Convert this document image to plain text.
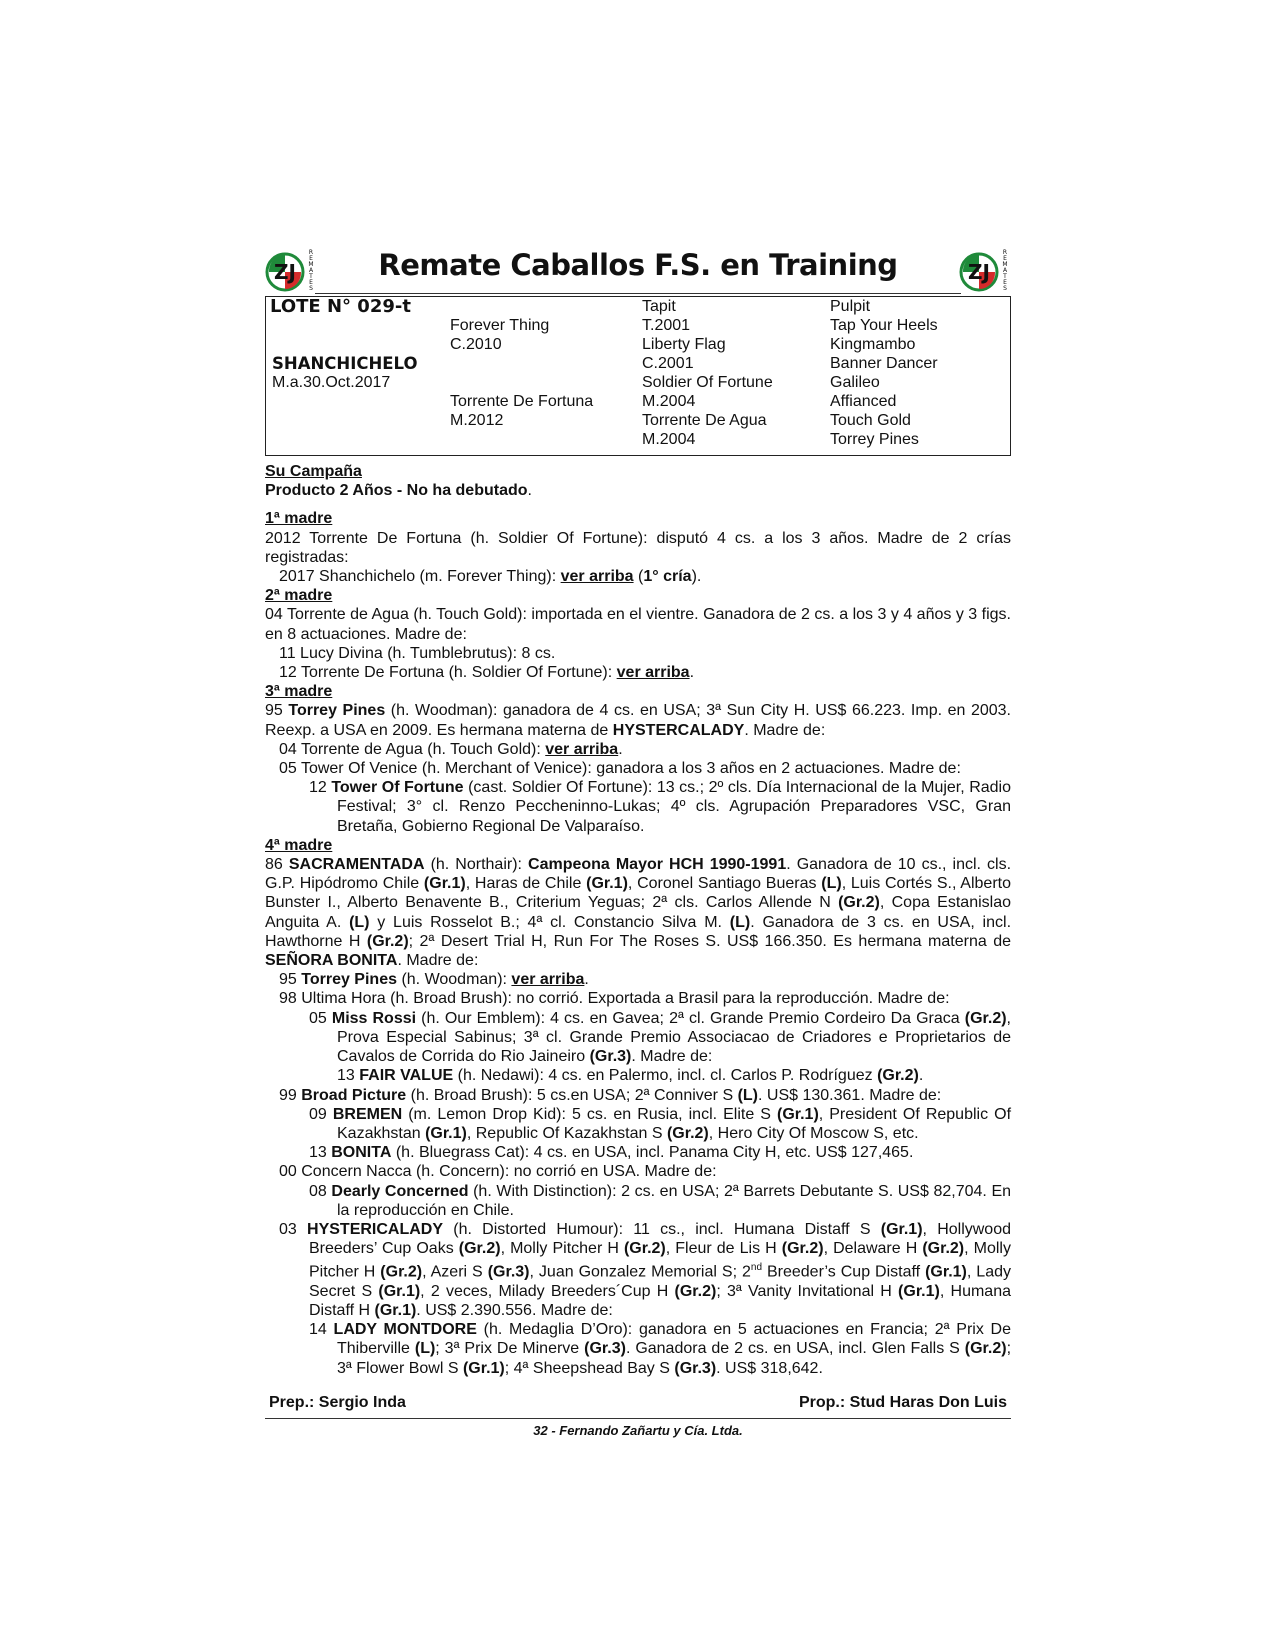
ZJ
R
E
M
A
T
E
S
Remate Caballos F.S. en Training	ZJ
R
E
M
A
T
E
S
LOTE N° 029-t
SHANCHICHELO
M.a.30.Oct.2017
Forever Thing
C.2010
Torrente De Fortuna
M.2012
Tapit
T.2001
Liberty Flag
C.2001
Soldier Of Fortune
M.2004
Torrente De Agua
M.2004
Pulpit
Tap Your Heels
Kingmambo
Banner Dancer
Galileo
Affianced
Touch Gold
Torrey Pines

Su Campaña

Producto 2 Años - No ha debutado.

1ª madre

2012 Torrente De Fortuna (h. Soldier Of Fortune): disputó 4 cs. a los 3 años. Madre de 2 crías registradas:

2017 Shanchichelo (m. Forever Thing): ver arriba (1° cría).

2ª madre

04 Torrente de Agua (h. Touch Gold): importada en el vientre. Ganadora de 2 cs. a los 3 y 4 años y 3 figs. en 8 actuaciones. Madre de:

11 Lucy Divina (h. Tumblebrutus): 8 cs.

12 Torrente De Fortuna (h. Soldier Of Fortune): ver arriba.

3ª madre

95 Torrey Pines (h. Woodman): ganadora de 4 cs. en USA; 3ª Sun City H. US$ 66.223. Imp. en 2003. Reexp. a USA en 2009. Es hermana materna de HYSTERCALADY. Madre de:

04 Torrente de Agua (h. Touch Gold): ver arriba.

05 Tower Of Venice (h. Merchant of Venice): ganadora a los 3 años en 2 actuaciones. Madre de:

12 Tower Of Fortune (cast. Soldier Of Fortune): 13 cs.; 2º cls. Día Internacional de la Mujer, Radio Festival; 3° cl. Renzo Peccheninno-Lukas; 4º cls. Agrupación Preparadores VSC, Gran Bretaña, Gobierno Regional De Valparaíso.

4ª madre

86 SACRAMENTADA (h. Northair): Campeona Mayor HCH 1990-1991. Ganadora de 10 cs., incl. cls. G.P. Hipódromo Chile (Gr.1), Haras de Chile (Gr.1), Coronel Santiago Bueras (L), Luis Cortés S., Alberto Bunster I., Alberto Benavente B., Criterium Yeguas; 2ª cls. Carlos Allende N (Gr.2), Copa Estanislao Anguita A. (L) y Luis Rosselot B.; 4ª cl. Constancio Silva M. (L). Ganadora de 3 cs. en USA, incl. Hawthorne H (Gr.2); 2ª Desert Trial H, Run For The Roses S. US$ 166.350. Es hermana materna de SEÑORA BONITA. Madre de:

95 Torrey Pines (h. Woodman): ver arriba.

98 Ultima Hora (h. Broad Brush): no corrió. Exportada a Brasil para la reproducción. Madre de:

05 Miss Rossi (h. Our Emblem): 4 cs. en Gavea; 2ª cl. Grande Premio Cordeiro Da Graca (Gr.2), Prova Especial Sabinus; 3ª cl. Grande Premio Associacao de Criadores e Proprietarios de Cavalos de Corrida do Rio Jaineiro (Gr.3). Madre de:

13 FAIR VALUE (h. Nedawi): 4 cs. en Palermo, incl. cl. Carlos P. Rodríguez (Gr.2).

99 Broad Picture (h. Broad Brush): 5 cs.en USA; 2ª Conniver S (L). US$ 130.361. Madre de:

09 BREMEN (m. Lemon Drop Kid): 5 cs. en Rusia, incl. Elite S (Gr.1), President Of Republic Of Kazakhstan (Gr.1), Republic Of Kazakhstan S (Gr.2), Hero City Of Moscow S, etc.

13 BONITA (h. Bluegrass Cat): 4 cs. en USA, incl. Panama City H, etc. US$ 127,465.

00 Concern Nacca (h. Concern): no corrió en USA. Madre de:

08 Dearly Concerned (h. With Distinction): 2 cs. en USA; 2ª Barrets Debutante S. US$ 82,704. En la reproducción en Chile.

03 HYSTERICALADY (h. Distorted Humour): 11 cs., incl. Humana Distaff S (Gr.1), Hollywood Breeders’ Cup Oaks (Gr.2), Molly Pitcher H (Gr.2), Fleur de Lis H (Gr.2), Delaware H (Gr.2), Molly Pitcher H (Gr.2), Azeri S (Gr.3), Juan Gonzalez Memorial S; 2nd Breeder’s Cup Distaff (Gr.1), Lady Secret S (Gr.1), 2 veces, Milady Breeders´Cup H (Gr.2); 3ª Vanity Invitational H (Gr.1), Humana Distaff H (Gr.1). US$ 2.390.556. Madre de:

14 LADY MONTDORE (h. Medaglia D’Oro): ganadora en 5 actuaciones en Francia; 2ª Prix De Thiberville (L); 3ª Prix De Minerve (Gr.3). Ganadora de 2 cs. en USA, incl. Glen Falls S (Gr.2); 3ª Flower Bowl S (Gr.1); 4ª Sheepshead Bay S (Gr.3). US$ 318,642.

Prep.: Sergio Inda	Prop.: Stud Haras Don Luis
32 - Fernando Zañartu y Cía. Ltda.
